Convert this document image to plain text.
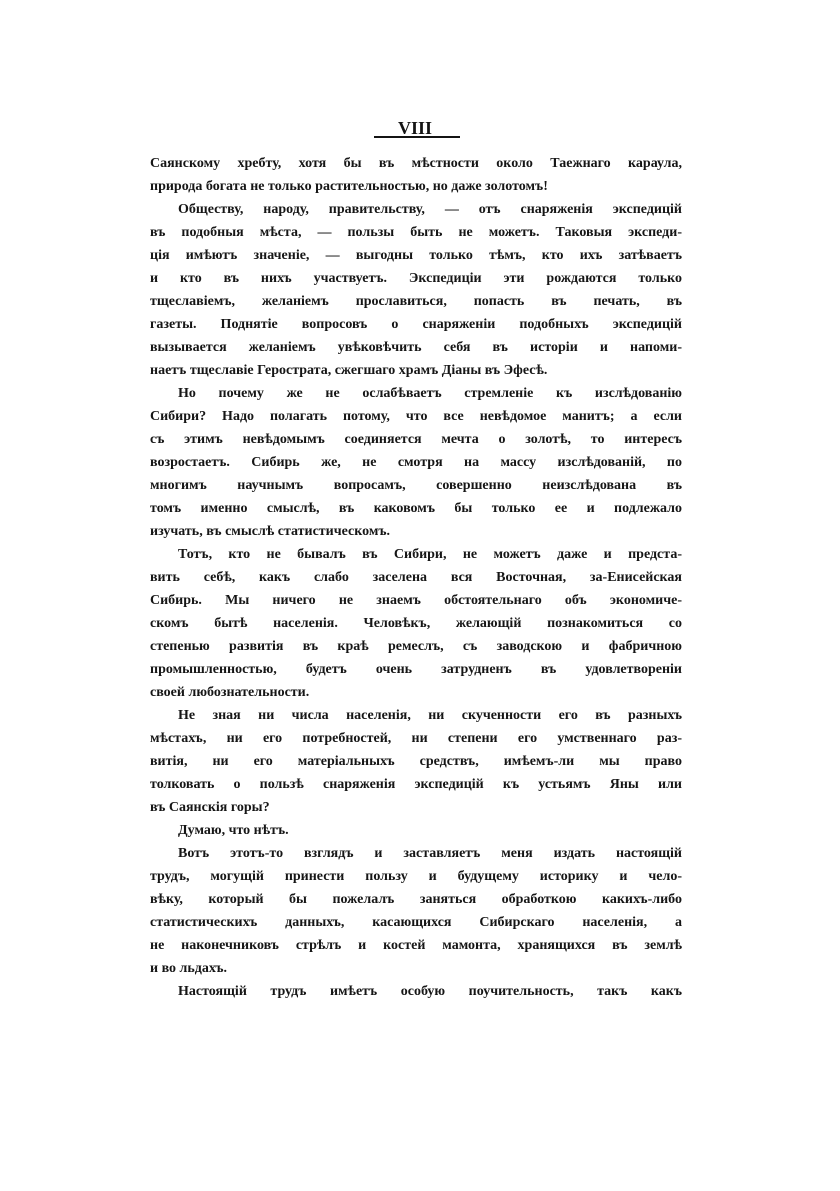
VIII
Саянскому хребту, хотя бы въ мѣстности около Таежнаго караула,
природа богата не только растительностью, но даже золотомъ!
Обществу, народу, правительству, — отъ снаряженія экспедицій
въ подобныя мѣста, — пользы быть не можетъ. Таковыя экспеди-
ція имѣютъ значеніе, — выгодны только тѣмъ, кто ихъ затѣваетъ
и кто въ нихъ участвуетъ. Экспедиціи эти рождаются только
тщеславіемъ, желаніемъ прославиться, попасть въ печать, въ
газеты. Поднятіе вопросовъ о снаряженіи подобныхъ экспедицій
вызывается желаніемъ увѣковѣчить себя въ исторіи и напоми-
наетъ тщеславіе Герострата, сжегшаго храмъ Діаны въ Эфесѣ.
Но почему же не ослабѣваетъ стремленіе къ изслѣдованію
Сибири? Надо полагать потому, что все невѣдомое манитъ; а если
съ этимъ невѣдомымъ соединяется мечта о золотѣ, то интересъ
возростаетъ. Сибирь же, не смотря на массу изслѣдованій, по
многимъ научнымъ вопросамъ, совершенно неизслѣдована въ
томъ именно смыслѣ, въ каковомъ бы только ее и подлежало
изучать, въ смыслѣ статистическомъ.
Тотъ, кто не бывалъ въ Сибири, не можетъ даже и предста-
вить себѣ, какъ слабо заселена вся Восточная, за-Енисейская
Сибирь. Мы ничего не знаемъ обстоятельнаго объ экономиче-
скомъ бытѣ населенія. Человѣкъ, желающій познакомиться со
степенью развитія въ краѣ ремеслъ, съ заводскою и фабричною
промышленностью, будетъ очень затрудненъ въ удовлетвореніи
своей любознательности.
Не зная ни числа населенія, ни скученности его въ разныхъ
мѣстахъ, ни его потребностей, ни степени его умственнаго раз-
витія, ни его матеріальныхъ средствъ, имѣемъ-ли мы право
толковать о пользѣ снаряженія экспедицій къ устьямъ Яны или
въ Саянскія горы?
Думаю, что нѣтъ.
Вотъ этотъ-то взглядъ и заставляетъ меня издать настоящій
трудъ, могущій принести пользу и будущему историку и чело-
вѣку, который бы пожелалъ заняться обработкою какихъ-либо
статистическихъ данныхъ, касающихся Сибирскаго населенія, а
не наконечниковъ стрѣлъ и костей мамонта, хранящихся въ землѣ
и во льдахъ.
Настоящій трудъ имѣетъ особую поучительность, такъ какъ
